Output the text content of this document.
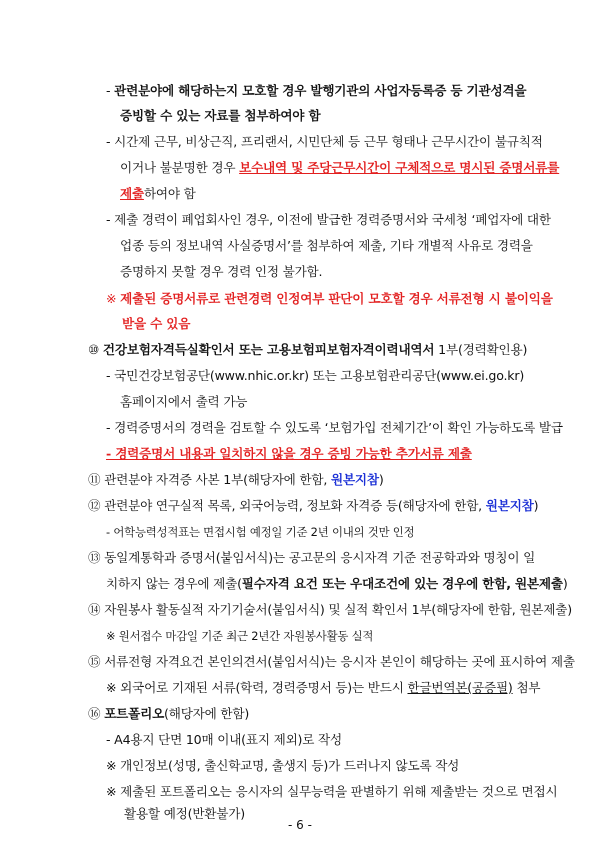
- 관련분야에 해당하는지 모호할 경우 발행기관의 사업자등록증 등 기관성격을
증빙할 수 있는 자료를 첨부하여야 함
- 시간제 근무, 비상근직, 프리랜서, 시민단체 등 근무 형태나 근무시간이 불규칙적
이거나 불분명한 경우 보수내역 및 주당근무시간이 구체적으로 명시된 증명서류를
제출하여야 함
- 제출 경력이 폐업회사인 경우, 이전에 발급한 경력증명서와 국세청 ‘폐업자에 대한
업종 등의 정보내역 사실증명서’를 첨부하여 제출, 기타 개별적 사유로 경력을
증명하지 못할 경우 경력 인정 불가함.
※ 제출된 증명서류로 관련경력 인정여부 판단이 모호할 경우 서류전형 시 불이익을
받을 수 있음
⑩ 건강보험자격득실확인서 또는 고용보험피보험자격이력내역서 1부(경력확인용)
- 국민건강보험공단(www.nhic.or.kr) 또는 고용보험관리공단(www.ei.go.kr)
홈페이지에서 출력 가능
- 경력증명서의 경력을 검토할 수 있도록 ‘보험가입 전체기간’이 확인 가능하도록 발급
- 경력증명서 내용과 일치하지 않을 경우 증빙 가능한 추가서류 제출
⑪ 관련분야 자격증 사본 1부(해당자에 한함, 원본지참)
⑫ 관련분야 연구실적 목록, 외국어능력, 정보화 자격증 등(해당자에 한함, 원본지참)
- 어학능력성적표는 면접시험 예정일 기준 2년 이내의 것만 인정
⑬ 동일계통학과 증명서(붙임서식)는 공고문의 응시자격 기준 전공학과와 명칭이 일
치하지 않는 경우에 제출(필수자격 요건 또는 우대조건에 있는 경우에 한함, 원본제출)
⑭ 자원봉사 활동실적 자기기술서(붙임서식) 및 실적 확인서 1부(해당자에 한함, 원본제출)
※ 원서접수 마감일 기준 최근 2년간 자원봉사활동 실적
⑮ 서류전형 자격요건 본인의견서(붙임서식)는 응시자 본인이 해당하는 곳에 표시하여 제출
※ 외국어로 기재된 서류(학력, 경력증명서 등)는 반드시 한글번역본(공증필) 첨부
⑯ 포트폴리오(해당자에 한함)
- A4용지 단면 10매 이내(표지 제외)로 작성
※ 개인정보(성명, 출신학교명, 출생지 등)가 드러나지 않도록 작성
※ 제출된 포트폴리오는 응시자의 실무능력을 판별하기 위해 제출받는 것으로 면접시
활용할 예정(반환불가)
- 6 -
